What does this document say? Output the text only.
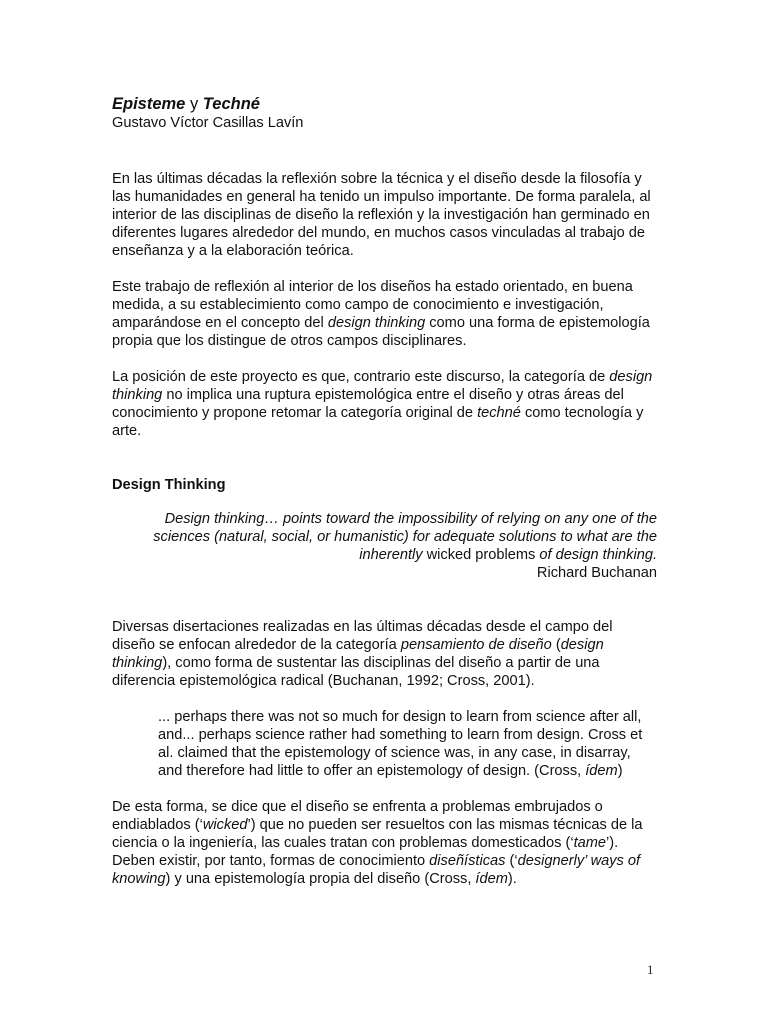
Episteme y Techné

Gustavo Víctor Casillas Lavín

En las últimas décadas la reflexión sobre la técnica y el diseño desde la filosofía y las humanidades en general ha tenido un impulso importante. De forma paralela, al interior de las disciplinas de diseño la reflexión y la investigación han germinado en diferentes lugares alrededor del mundo, en muchos casos vinculadas al trabajo de enseñanza y a la elaboración teórica.

Este trabajo de reflexión al interior de los diseños ha estado orientado, en buena medida, a su establecimiento como campo de conocimiento e investigación, amparándose en el concepto del design thinking como una forma de epistemología propia que los distingue de otros campos disciplinares.

La posición de este proyecto es que, contrario este discurso, la categoría de design thinking no implica una ruptura epistemológica entre el diseño y otras áreas del conocimiento y propone retomar la categoría original de techné como tecnología y arte.

Design Thinking

Design thinking… points toward the impossibility of relying on any one of the sciences (natural, social, or humanistic) for adequate solutions to what are the inherently wicked problems of design thinking.

Richard Buchanan

Diversas disertaciones realizadas en las últimas décadas desde el campo del diseño se enfocan alrededor de la categoría pensamiento de diseño (design thinking), como forma de sustentar las disciplinas del diseño a partir de una diferencia epistemológica radical (Buchanan, 1992; Cross, 2001).

... perhaps there was not so much for design to learn from science after all, and... perhaps science rather had something to learn from design. Cross et al. claimed that the epistemology of science was, in any case, in disarray, and therefore had little to offer an epistemology of design. (Cross, ídem)

De esta forma, se dice que el diseño se enfrenta a problemas embrujados o endiablados (‘wicked’) que no pueden ser resueltos con las mismas técnicas de la ciencia o la ingeniería, las cuales tratan con problemas domesticados (‘tame’). Deben existir, por tanto, formas de conocimiento diseñísticas (‘designerly’ ways of knowing) y una epistemología propia del diseño (Cross, ídem).

1
